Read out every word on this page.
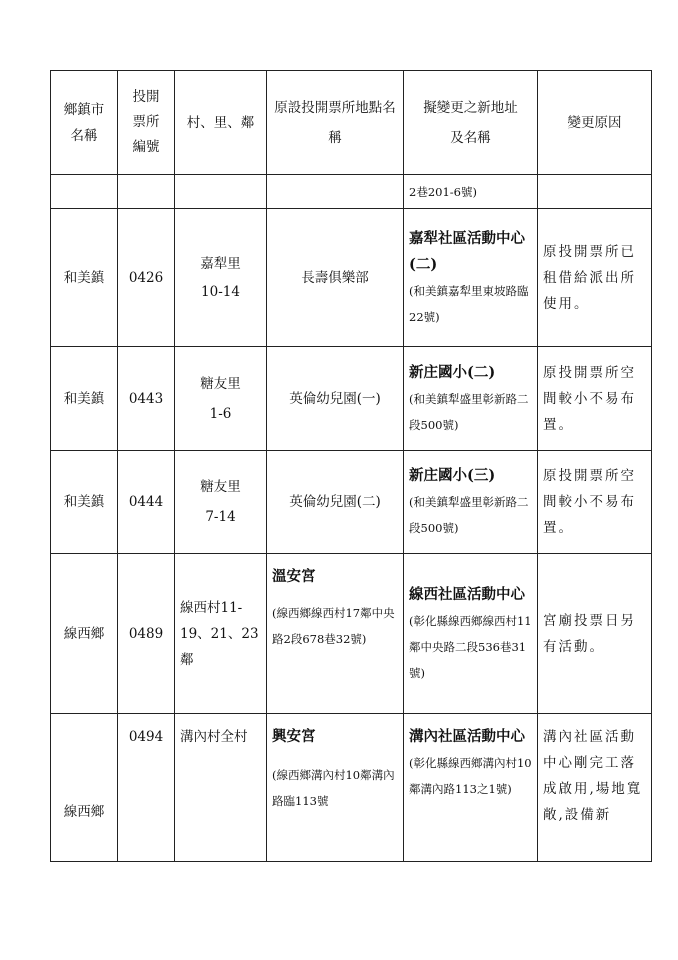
鄉鎮市名稱	投開票所編號	村、里、鄰	原設投開票所地點名稱	擬變更之新地址及名稱	變更原因
				2巷201-6號)	
和美鎮	0426	嘉犁里10-14	長壽俱樂部	嘉犁社區活動中心(二)
(和美鎮嘉犁里東坡路臨22號)	原投開票所已租借給派出所使用。
和美鎮	0443	糖友里1-6	英倫幼兒園(一)	新庄國小(二)
(和美鎮犁盛里彰新路二段500號)	原投開票所空間較小不易布置。
和美鎮	0444	糖友里7-14	英倫幼兒園(二)	新庄國小(三)
(和美鎮犁盛里彰新路二段500號)	原投開票所空間較小不易布置。
線西鄉	0489	線西村11-19、21、23鄰	溫安宮
(線西鄉線西村17鄰中央路2段678巷32號)	線西社區活動中心(彰化縣線西鄉線西村11鄰中央路二段536巷31號)	宮廟投票日另有活動。
線西鄉	0494	溝內村全村	興安宮
(線西鄉溝內村10鄰溝內路臨113號	溝內社區活動中心(彰化縣線西鄉溝內村10鄰溝內路113之1號)	溝內社區活動中心剛完工落成啟用,場地寬敞,設備新
